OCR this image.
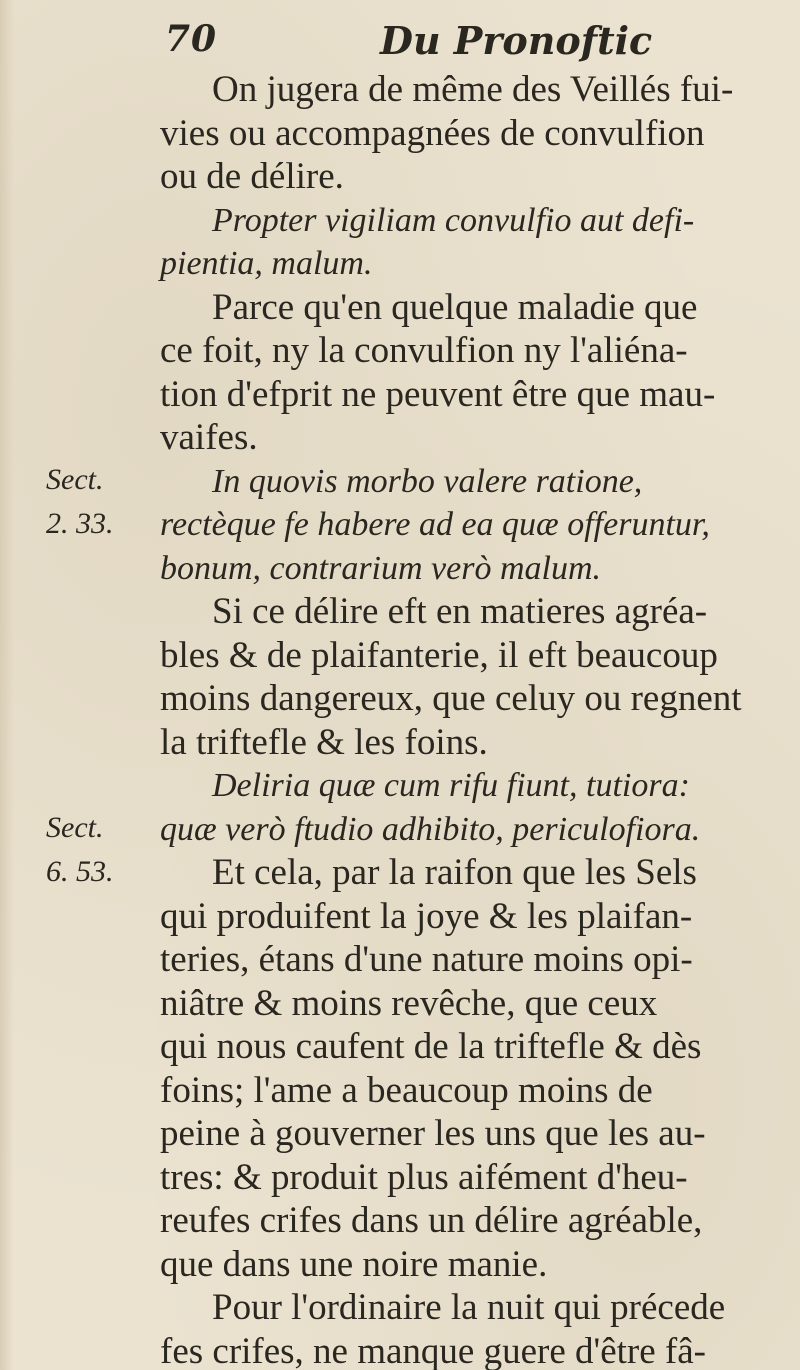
70	Du Pronoftic
Sect.
2. 33.
Sect.
6. 53.
On jugera de même des Veillés fui-
vies ou accompagnées de convulfion
ou de délire.
Propter vigiliam convulfio aut defi-
pientia, malum.
Parce qu'en quelque maladie que
ce foit, ny la convulfion ny l'aliéna-
tion d'efprit ne peuvent être que mau-
vaifes.
In quovis morbo valere ratione,
rectèque fe habere ad ea quæ offeruntur,
bonum, contrarium verò malum.
Si ce délire eft en matieres agréa-
bles & de plaifanterie, il eft beaucoup
moins dangereux, que celuy ou regnent
la triftefle & les foins.
Deliria quæ cum rifu fiunt, tutiora:
quæ verò ftudio adhibito, periculofiora.
Et cela, par la raifon que les Sels
qui produifent la joye & les plaifan-
teries, étans d'une nature moins opi-
niâtre & moins revêche, que ceux
qui nous caufent de la triftefle & dès
foins; l'ame a beaucoup moins de
peine à gouverner les uns que les au-
tres: & produit plus aifément d'heu-
reufes crifes dans un délire agréable,
que dans une noire manie.
Pour l'ordinaire la nuit qui précede
fes crifes, ne manque guere d'être fâ-
